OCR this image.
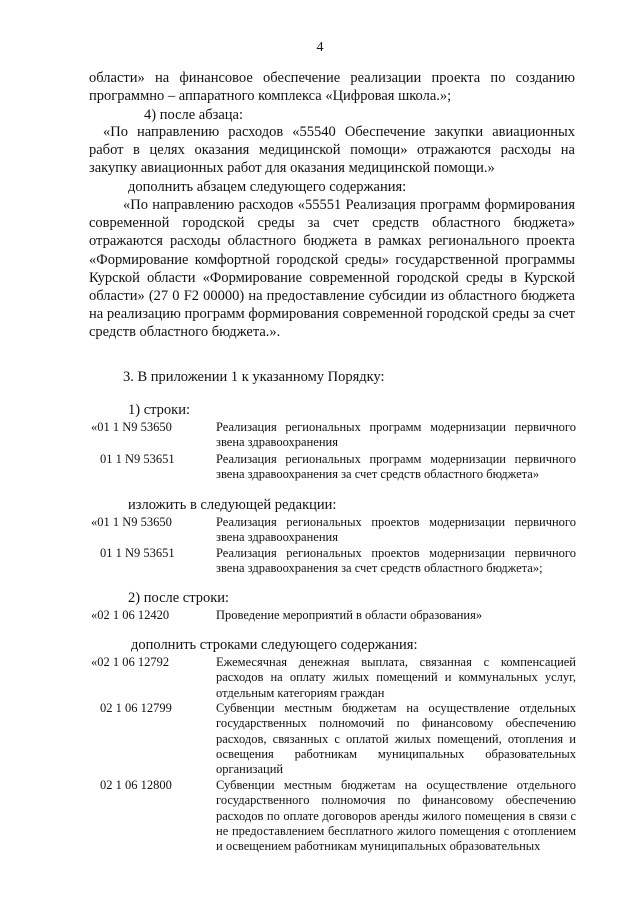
4

области» на финансовое обеспечение реализации проекта по созданию программно – аппаратного комплекса «Цифровая школа.»;

4) после абзаца:

«По направлению расходов «55540 Обеспечение закупки авиационных работ в целях оказания медицинской помощи» отражаются расходы на закупку авиационных работ для оказания медицинской помощи.»

дополнить абзацем следующего содержания:

«По направлению расходов «55551 Реализация программ формирования современной городской среды за счет средств областного бюджета» отражаются расходы областного бюджета в рамках регионального проекта «Формирование комфортной городской среды» государственной программы Курской области «Формирование современной городской среды в Курской области» (27 0 F2 00000) на предоставление субсидии из областного бюджета на реализацию программ формирования современной городской среды за счет средств областного бюджета.».

3. В приложении 1 к указанному Порядку:
1) строки:
«01 1 N9 53650	Реализация региональных программ модернизации первичного звена здравоохранения
01 1 N9 53651	Реализация региональных программ модернизации первичного звена здравоохранения за счет средств областного бюджета»
изложить в следующей редакции:
«01 1 N9 53650	Реализация региональных проектов модернизации первичного звена здравоохранения
01 1 N9 53651	Реализация региональных проектов модернизации первичного звена здравоохранения за счет средств областного бюджета»;
2) после строки:
«02 1 06 12420	Проведение мероприятий в области образования»
дополнить строками следующего содержания:
«02 1 06 12792	Ежемесячная денежная выплата, связанная с компенсацией расходов на оплату жилых помещений и коммунальных услуг, отдельным категориям граждан
02 1 06 12799	Субвенции местным бюджетам на осуществление отдельных государственных полномочий по финансовому обеспечению расходов, связанных с оплатой жилых помещений, отопления и освещения работникам муниципальных образовательных организаций
02 1 06 12800	Субвенции местным бюджетам на осуществление отдельного государственного полномочия по финансовому обеспечению расходов по оплате договоров аренды жилого помещения в связи с не предоставлением бесплатного жилого помещения с отоплением и освещением работникам муниципальных образовательных
